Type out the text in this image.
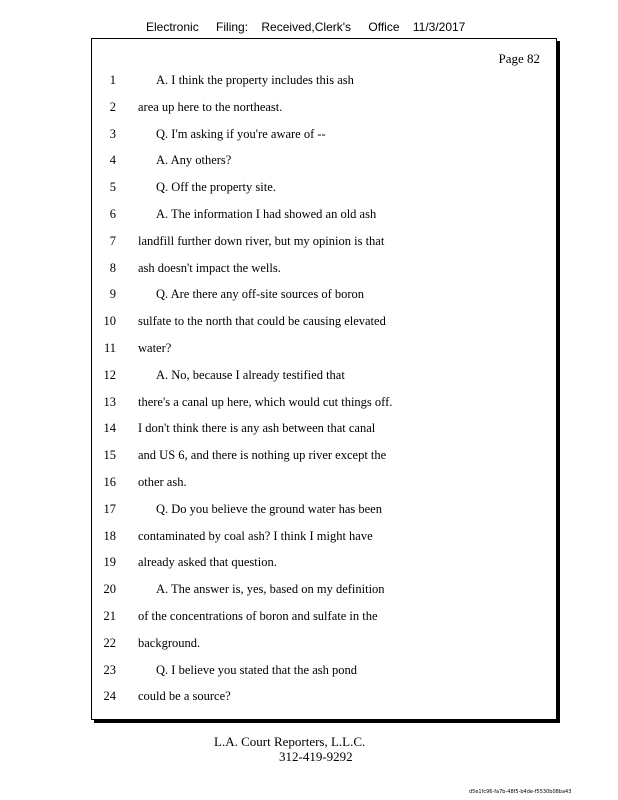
Electronic Filing: Received,Clerk's Office 11/3/2017
Page 82
1	A. I think the property includes this ash
2 area up here to the northeast.
3	Q. I'm asking if you're aware of --
4	A. Any others?
5	Q. Off the property site.
6	A. The information I had showed an old ash
7 landfill further down river, but my opinion is that
8 ash doesn't impact the wells.
9	Q. Are there any off-site sources of boron
10 sulfate to the north that could be causing elevated
11 water?
12	A. No, because I already testified that
13 there's a canal up here, which would cut things off.
14 I don't think there is any ash between that canal
15 and US 6, and there is nothing up river except the
16 other ash.
17	Q. Do you believe the ground water has been
18 contaminated by coal ash? I think I might have
19 already asked that question.
20	A. The answer is, yes, based on my definition
21 of the concentrations of boron and sulfate in the
22 background.
23	Q. I believe you stated that the ash pond
24 could be a source?
L.A. Court Reporters, L.L.C.
312-419-9292
d5e1fc96-fa7b-48f5-b4de-f5530b08ba43
